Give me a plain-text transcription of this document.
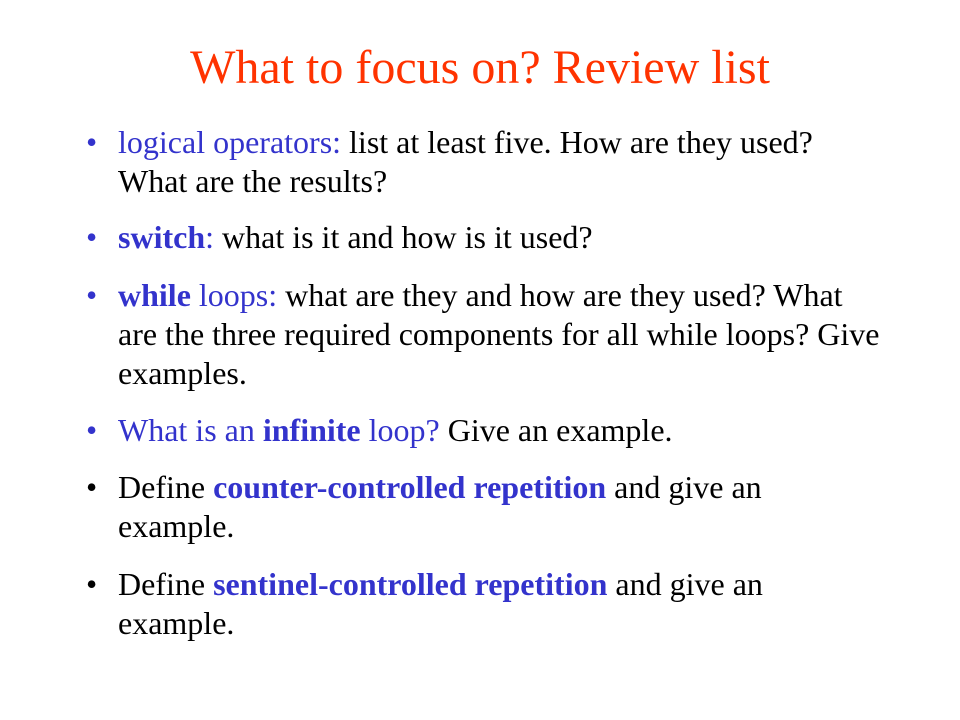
What to focus on? Review list
• logical operators: list at least five. How are they used? What are the results?
• switch: what is it and how is it used?
• while loops: what are they and how are they used? What are the three required components for all while loops? Give examples.
• What is an infinite loop? Give an example.
• Define counter-controlled repetition and give an example.
• Define sentinel-controlled repetition and give an example.
